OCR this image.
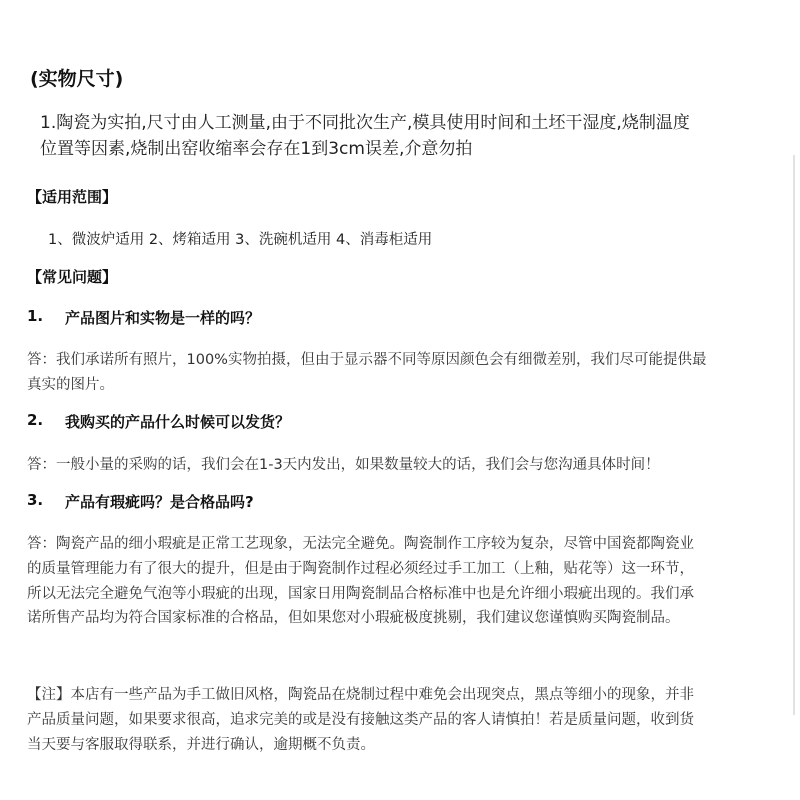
(实物尺寸)
1.陶瓷为实拍,尺寸由人工测量,由于不同批次生产,模具使用时间和土坯干湿度,烧制温度
位置等因素,烧制出窑收缩率会存在1到3cm误差,介意勿拍
【适用范围】
1、微波炉适用 2、烤箱适用 3、洗碗机适用 4、消毒柜适用
【常见问题】
1. 产品图片和实物是一样的吗？
答：我们承诺所有照片，100%实物拍摄，但由于显示器不同等原因颜色会有细微差别，我们尽可能提供最
真实的图片。
2. 我购买的产品什么时候可以发货？
答：一般小量的采购的话，我们会在1-3天内发出，如果数量较大的话，我们会与您沟通具体时间！
3. 产品有瑕疵吗？是合格品吗?
答：陶瓷产品的细小瑕疵是正常工艺现象，无法完全避免。陶瓷制作工序较为复杂，尽管中国瓷都陶瓷业
的质量管理能力有了很大的提升，但是由于陶瓷制作过程必须经过手工加工（上釉，贴花等）这一环节，
所以无法完全避免气泡等小瑕疵的出现，国家日用陶瓷制品合格标准中也是允许细小瑕疵出现的。我们承
诺所售产品均为符合国家标准的合格品，但如果您对小瑕疵极度挑剔，我们建议您谨慎购买陶瓷制品。
【注】本店有一些产品为手工做旧风格，陶瓷品在烧制过程中难免会出现突点，黑点等细小的现象，并非
产品质量问题，如果要求很高，追求完美的或是没有接触这类产品的客人请慎拍！若是质量问题，收到货
当天要与客服取得联系，并进行确认，逾期概不负责。
